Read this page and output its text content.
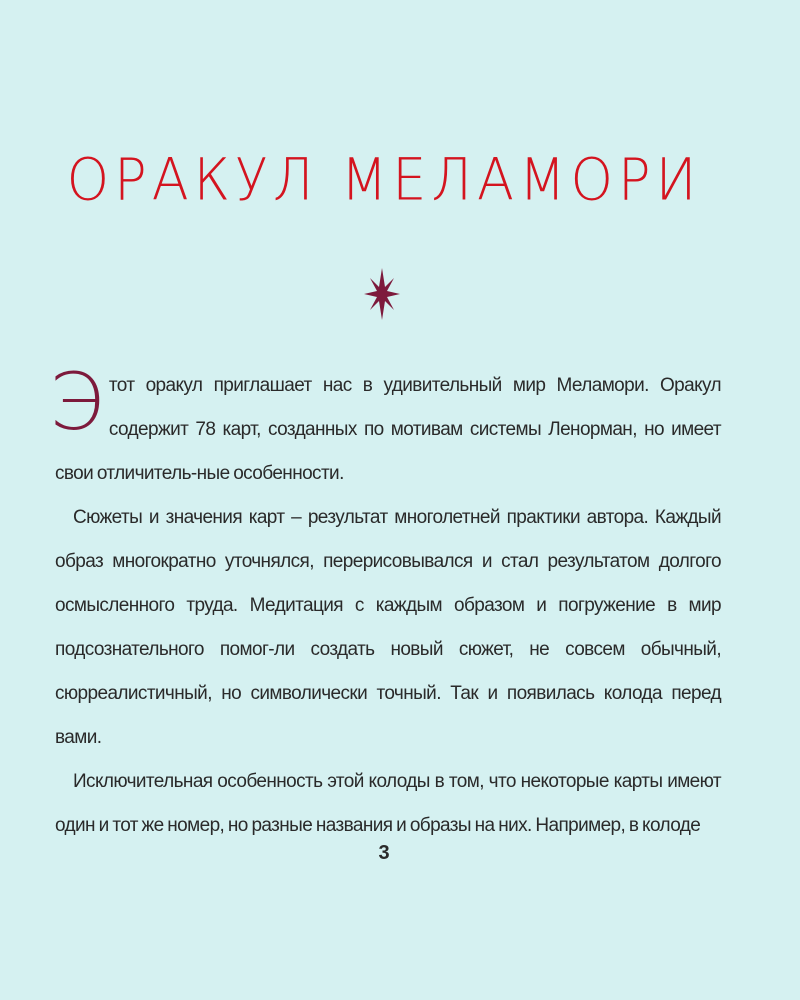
ОРАКУЛ МЕЛАМОРИ

Э тот оракул приглашает нас в удивительный мир Меламори. Оракул содержит 78 карт, созданных по мотивам системы Ленорман, но имеет свои отличитель-ные особенности.

Сюжеты и значения карт – результат многолетней практики автора. Каждый образ многократно уточнялся, перерисовывался и стал результатом долгого осмысленного труда. Медитация с каждым образом и погружение в мир подсознательного помог-ли создать новый сюжет, не совсем обычный, сюрреалистичный, но символически точный. Так и появилась колода перед вами.

Исключительная особенность этой колоды в том, что некоторые карты имеют один и тот же номер, но разные названия и образы на них. Например, в колоде

3
